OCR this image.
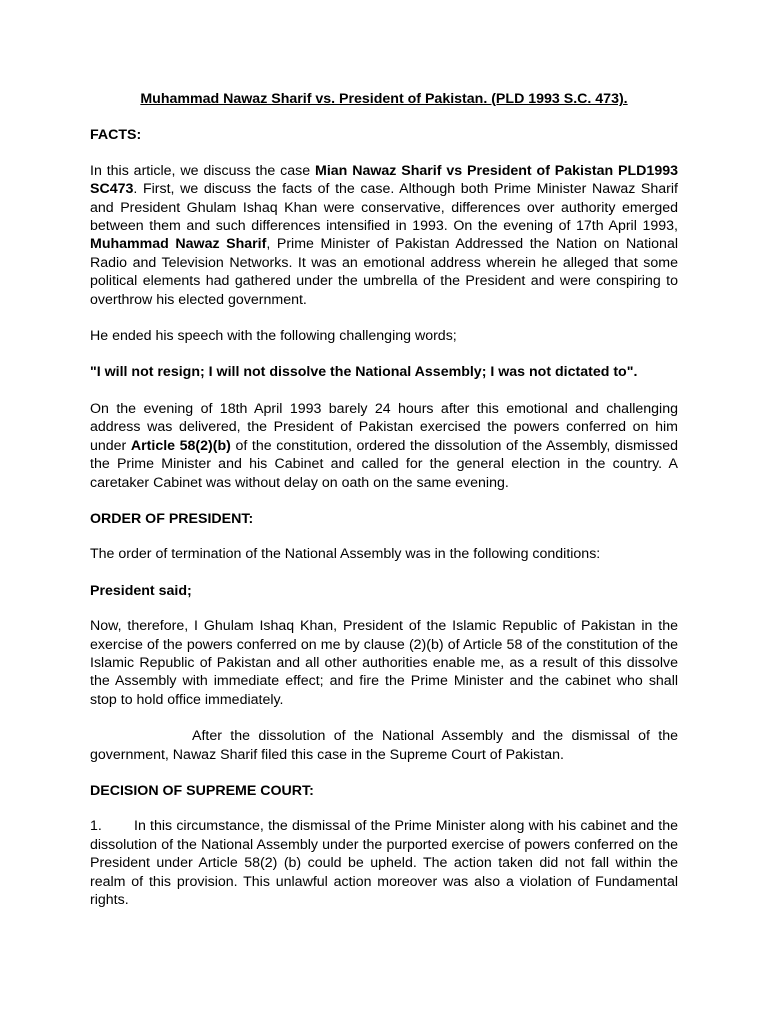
Muhammad Nawaz Sharif vs. President of Pakistan. (PLD 1993 S.C. 473).
FACTS:

In this article, we discuss the case Mian Nawaz Sharif vs President of Pakistan PLD1993 SC473. First, we discuss the facts of the case. Although both Prime Minister Nawaz Sharif and President Ghulam Ishaq Khan were conservative, differences over authority emerged between them and such differences intensified in 1993. On the evening of 17th April 1993, Muhammad Nawaz Sharif, Prime Minister of Pakistan Addressed the Nation on National Radio and Television Networks. It was an emotional address wherein he alleged that some political elements had gathered under the umbrella of the President and were conspiring to overthrow his elected government.

He ended his speech with the following challenging words;

"I will not resign; I will not dissolve the National Assembly; I was not dictated to".

On the evening of 18th April 1993 barely 24 hours after this emotional and challenging address was delivered, the President of Pakistan exercised the powers conferred on him under Article 58(2)(b) of the constitution, ordered the dissolution of the Assembly, dismissed the Prime Minister and his Cabinet and called for the general election in the country. A caretaker Cabinet was without delay on oath on the same evening.

ORDER OF PRESIDENT:

The order of termination of the National Assembly was in the following conditions:

President said;

Now, therefore, I Ghulam Ishaq Khan, President of the Islamic Republic of Pakistan in the exercise of the powers conferred on me by clause (2)(b) of Article 58 of the constitution of the Islamic Republic of Pakistan and all other authorities enable me, as a result of this dissolve the Assembly with immediate effect; and fire the Prime Minister and the cabinet who shall stop to hold office immediately.

After the dissolution of the National Assembly and the dismissal of the government, Nawaz Sharif filed this case in the Supreme Court of Pakistan.

DECISION OF SUPREME COURT:

1. In this circumstance, the dismissal of the Prime Minister along with his cabinet and the dissolution of the National Assembly under the purported exercise of powers conferred on the President under Article 58(2) (b) could be upheld. The action taken did not fall within the realm of this provision. This unlawful action moreover was also a violation of Fundamental rights.
